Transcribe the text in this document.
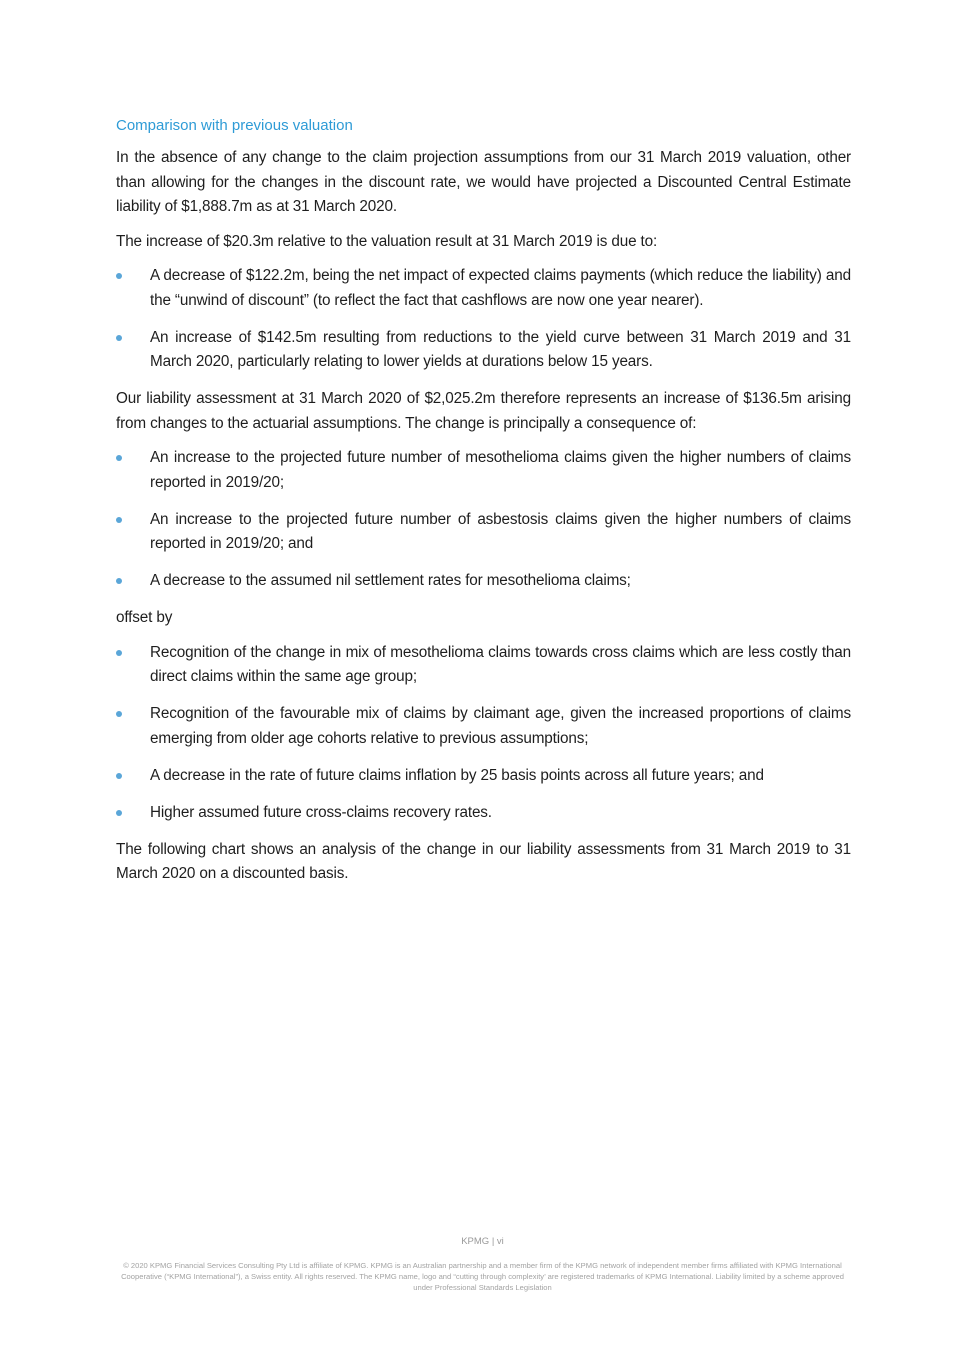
Comparison with previous valuation

In the absence of any change to the claim projection assumptions from our 31 March 2019 valuation, other than allowing for the changes in the discount rate, we would have projected a Discounted Central Estimate liability of $1,888.7m as at 31 March 2020.

The increase of $20.3m relative to the valuation result at 31 March 2019 is due to:

A decrease of $122.2m, being the net impact of expected claims payments (which reduce the liability) and the “unwind of discount” (to reflect the fact that cashflows are now one year nearer).
An increase of $142.5m resulting from reductions to the yield curve between 31 March 2019 and 31 March 2020, particularly relating to lower yields at durations below 15 years.

Our liability assessment at 31 March 2020 of $2,025.2m therefore represents an increase of $136.5m arising from changes to the actuarial assumptions. The change is principally a consequence of:

An increase to the projected future number of mesothelioma claims given the higher numbers of claims reported in 2019/20;
An increase to the projected future number of asbestosis claims given the higher numbers of claims reported in 2019/20; and
A decrease to the assumed nil settlement rates for mesothelioma claims;

offset by

Recognition of the change in mix of mesothelioma claims towards cross claims which are less costly than direct claims within the same age group;
Recognition of the favourable mix of claims by claimant age, given the increased proportions of claims emerging from older age cohorts relative to previous assumptions;
A decrease in the rate of future claims inflation by 25 basis points across all future years; and
Higher assumed future cross-claims recovery rates.

The following chart shows an analysis of the change in our liability assessments from 31 March 2019 to 31 March 2020 on a discounted basis.

KPMG | vi
© 2020 KPMG Financial Services Consulting Pty Ltd is affiliate of KPMG. KPMG is an Australian partnership and a member firm of the KPMG network of independent member firms affiliated with KPMG International Cooperative (“KPMG International”), a Swiss entity. All rights reserved. The KPMG name, logo and “cutting through complexity’ are registered trademarks of KPMG International. Liability limited by a scheme approved under Professional Standards Legislation
